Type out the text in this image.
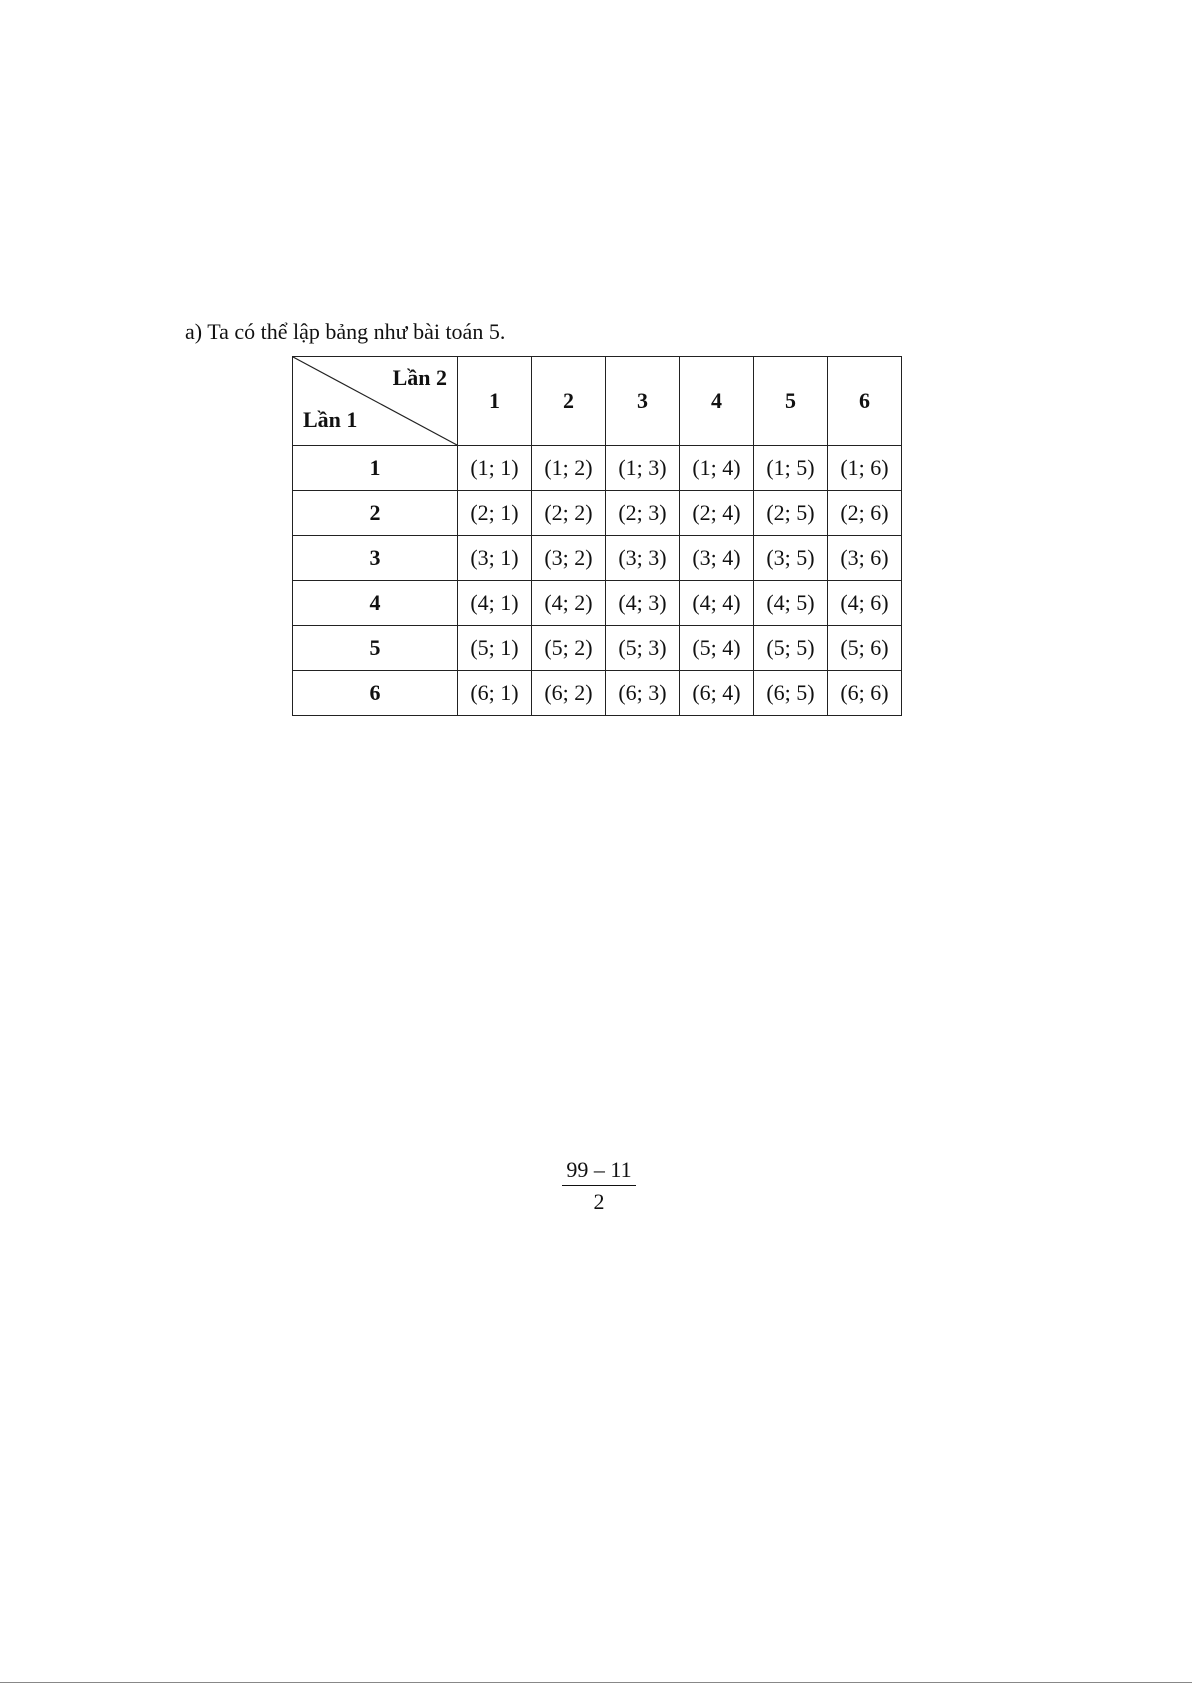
a) Ta có thể lập bảng như bài toán 5.
Lần 2
Lần 1	1	2	3	4	5	6
1	(1; 1)	(1; 2)	(1; 3)	(1; 4)	(1; 5)	(1; 6)
2	(2; 1)	(2; 2)	(2; 3)	(2; 4)	(2; 5)	(2; 6)
3	(3; 1)	(3; 2)	(3; 3)	(3; 4)	(3; 5)	(3; 6)
4	(4; 1)	(4; 2)	(4; 3)	(4; 4)	(4; 5)	(4; 6)
5	(5; 1)	(5; 2)	(5; 3)	(5; 4)	(5; 5)	(5; 6)
6	(6; 1)	(6; 2)	(6; 3)	(6; 4)	(6; 5)	(6; 6)
$\frac{99 - 11}{2}$
